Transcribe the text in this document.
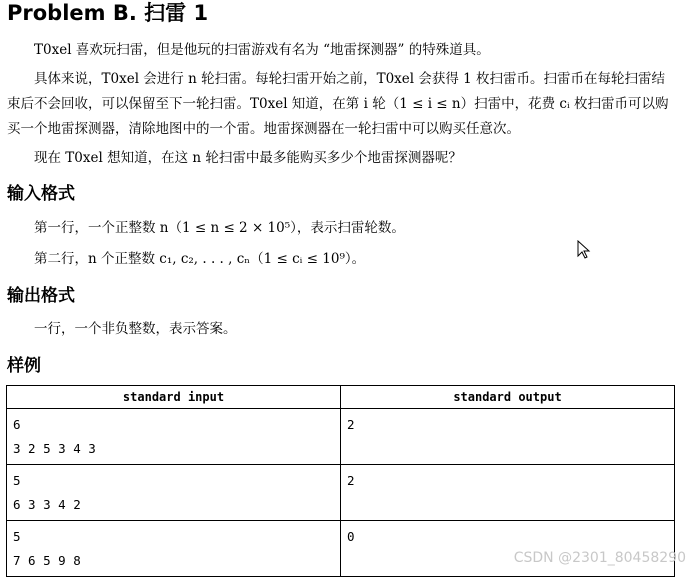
Problem B. 扫雷 1
T0xel 喜欢玩扫雷，但是他玩的扫雷游戏有名为 “地雷探测器” 的特殊道具。
具体来说，T0xel 会进行 n 轮扫雷。每轮扫雷开始之前，T0xel 会获得 1 枚扫雷币。扫雷币在每轮扫雷结束后不会回收，可以保留至下一轮扫雷。T0xel 知道，在第 i 轮（1 ≤ i ≤ n）扫雷中，花费 cᵢ 枚扫雷币可以购买一个地雷探测器，清除地图中的一个雷。地雷探测器在一轮扫雷中可以购买任意次。
现在 T0xel 想知道，在这 n 轮扫雷中最多能购买多少个地雷探测器呢？
输入格式
第一行，一个正整数 n（1 ≤ n ≤ 2 × 10⁵），表示扫雷轮数。
第二行，n 个正整数 c₁, c₂, . . . , cₙ（1 ≤ cᵢ ≤ 10⁹）。
输出格式
一行，一个非负整数，表示答案。
样例
standard input	standard output
6
3 2 5 3 4 3	2
5
6 3 3 4 2	2
5
7 6 5 9 8	0
CSDN @2301_80458290
